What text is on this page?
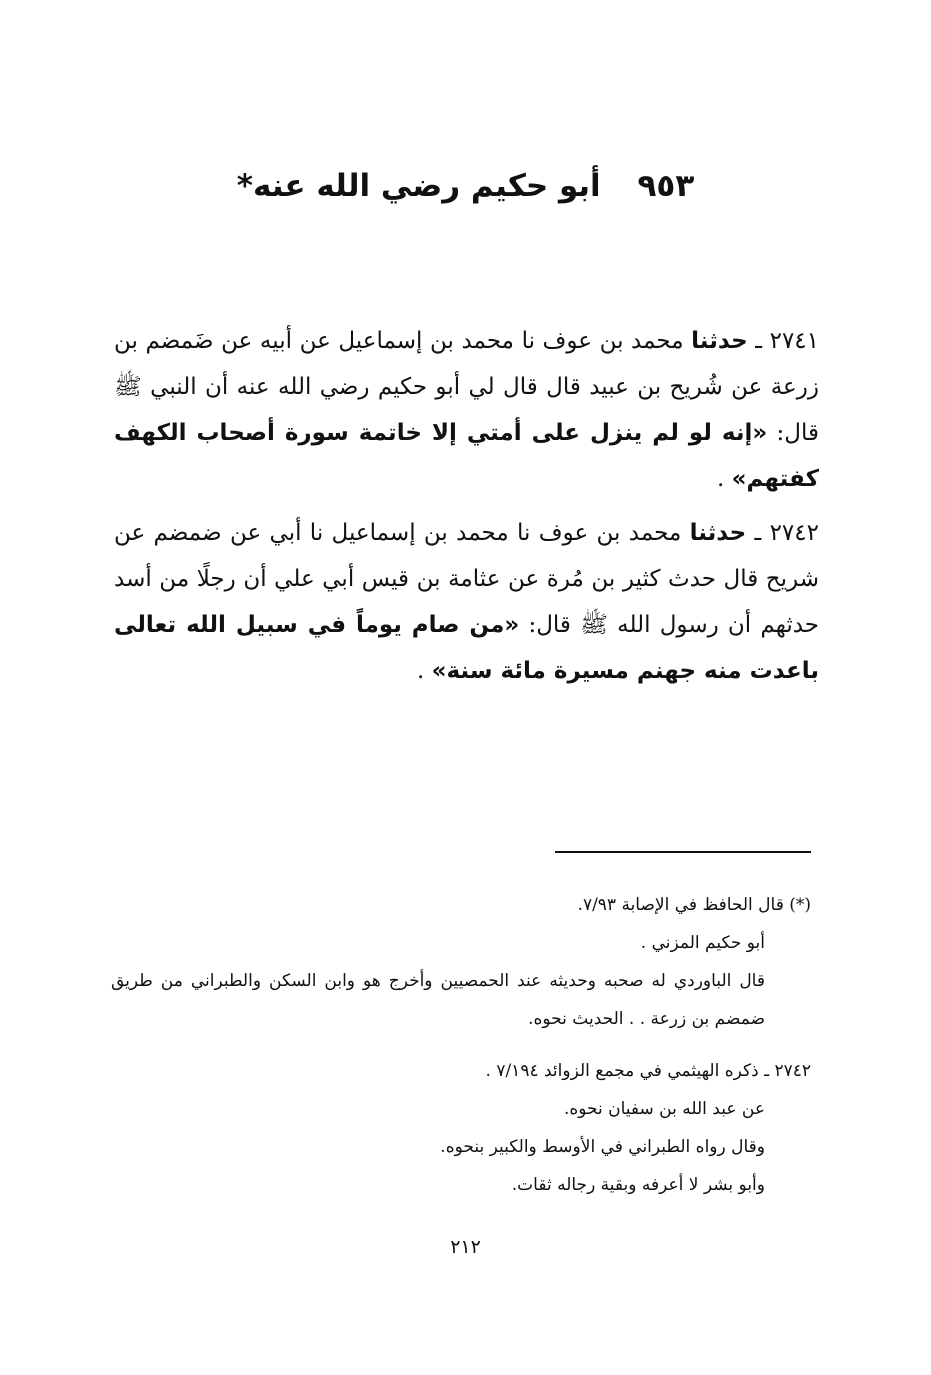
٩٥٣ أبو حكيم رضي الله عنه*

٢٧٤١ ـ حدثنا محمد بن عوف نا محمد بن إسماعيل عن أبيه عن ضَمضم بن زرعة عن شُريح بن عبيد قال قال لي أبو حكيم رضي الله عنه أن النبي ﷺ قال: «إنه لو لم ينزل على أمتي إلا خاتمة سورة أصحاب الكهف كفتهم» .

٢٧٤٢ ـ حدثنا محمد بن عوف نا محمد بن إسماعيل نا أبي عن ضمضم عن شريح قال حدث كثير بن مُرة عن عثامة بن قيس أبي علي أن رجلًا من أسد حدثهم أن رسول الله ﷺ قال: «من صام يوماً في سبيل الله تعالى باعدت منه جهنم مسيرة مائة سنة» .

(*) قال الحافظ في الإصابة ٧/٩٣.
أبو حكيم المزني .
قال الباوردي له صحبه وحديثه عند الحمصيين وأخرج هو وابن السكن والطبراني من طريق ضمضم بن زرعة . . الحديث نحوه.
٢٧٤٢ ـ ذكره الهيثمي في مجمع الزوائد ٧/١٩٤ .
عن عبد الله بن سفيان نحوه.
وقال رواه الطبراني في الأوسط والكبير بنحوه.
وأبو بشر لا أعرفه وبقية رجاله ثقات.

٢١٢
